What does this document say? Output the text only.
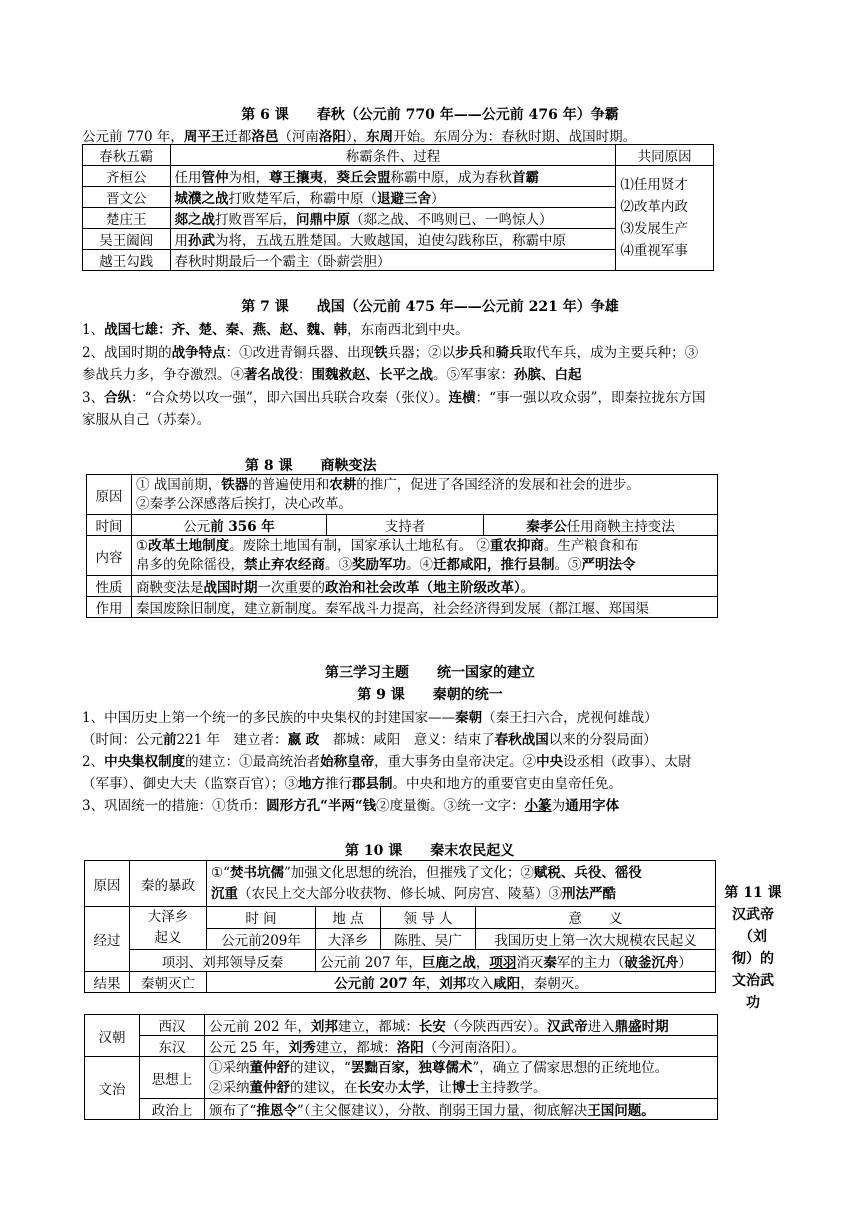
第 6 课　　春秋（公元前 770 年——公元前 476 年）争霸
公元前 770 年，周平王迁都洛邑（河南洛阳），东周开始。东周分为：春秋时期、战国时期。
春秋五霸	称霸条件、过程	共同原因
齐桓公	任用管仲为相，尊王攘夷，葵丘会盟称霸中原，成为春秋首霸	⑴任用贤才
⑵改革内政
⑶发展生产
⑷重视军事

晋文公	城濮之战打败楚军后，称霸中原（退避三舍）	
楚庄王	郯之战打败晋军后，问鼎中原（郯之战、不鸣则已、一鸣惊人）	
吴王阖闾	用孙武为将，五战五胜楚国。大败越国，迫使勾践称臣，称霸中原	
越王勾践	春秋时期最后一个霸主（卧薪尝胆）	
第 7 课　　战国（公元前 475 年——公元前 221 年）争雄
1、战国七雄：齐、楚、秦、燕、赵、魏、韩，东南西北到中央。
2、战国时期的战争特点：①改进青铜兵器、出现铁兵器；②以步兵和骑兵取代车兵，成为主要兵种；③
参战兵力多，争夺激烈。④著名战役：围魏救赵、长平之战。⑤军事家：孙膑、白起
3、合纵：“合众势以攻一强”，即六国出兵联合攻秦（张仪）。连横：“事一强以攻众弱”，即秦拉拢东方国
家服从自己（苏秦）。
第 8 课　　商鞅变法
原因	① 战国前期，铁器的普遍使用和农耕的推广，促进了各国经济的发展和社会的进步。
②秦孝公深感落后挨打，决心改革。		

时间	公元前 356 年	支持者	秦孝公任用商鞅主持变法
内容	①改革土地制度。废除土地国有制，国家承认土地私有。 ②重农抑商。生产粮食和布
帛多的免除徭役，禁止弃农经商。③奖励军功。④迁都咸阳，推行县制。⑤严明法令		

性质	商鞅变法是战国时期一次重要的政治和社会改革（地主阶级改革）。		
作用	秦国废除旧制度，建立新制度。秦军战斗力提高，社会经济得到发展（都江堰、郑国渠		
第三学习主题　　统一国家的建立
第 9 课　　秦朝的统一
1、中国历史上第一个统一的多民族的中央集权的封建国家——秦朝（秦王扫六合，虎视何雄哉）
（时间：公元前221 年　建立者：嬴 政　都城：咸阳　意义：结束了春秋战国以来的分裂局面）
2、中央集权制度的建立：①最高统治者始称皇帝，重大事务由皇帝决定。②中央设丞相（政事）、太尉
（军事）、御史大夫（监察百官）；③地方推行郡县制。中央和地方的重要官吏由皇帝任免。
3、巩固统一的措施：①货币：圆形方孔“半两“钱②度量衡。③统一文字：小篆为通用字体
第 10 课　　秦末农民起义
原因	秦的暴政	①“焚书坑儒”加强文化思想的统治，但摧残了文化；②赋税、兵役、徭役
沉重（农民上交大部分收获物、修长城、阿房宫、陵墓）③刑法严酷			

经过	大泽乡
起义	时 间	地 点	领 导 人	意　　义
		公元前209年	大泽乡	陈胜、吴广	我国历史上第一次大规模农民起义
	项羽、刘邦领导反秦		公元前 207 年，巨鹿之战，项羽消灭秦军的主力（破釜沉舟）		
结果	秦朝灭亡	公元前 207 年，刘邦攻入咸阳，秦朝灭。			
第 11 课
汉武帝
（刘
彻）的
文治武
功
汉朝	西汉	公元前 202 年，刘邦建立，都城：长安（今陕西西安）。汉武帝进入鼎盛时期
	东汉	公元 25 年，刘秀建立，都城：洛阳（今河南洛阳）。
文治	思想上	①采纳董仲舒的建议，“罢黜百家，独尊儒术”，确立了儒家思想的正统地位。
②采纳董仲舒的建议，在长安办太学，让博士主持教学。

	政治上	颁布了“推恩令”（主父偃建议），分散、削弱王国力量，彻底解决王国问题。
